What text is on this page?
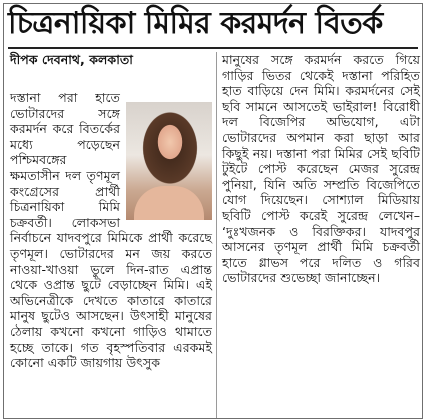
চিত্রনায়িকা মিমির করমর্দন বিতর্ক
দীপক দেবনাথ, কলকাতা

দস্তানা পরা হাতে ভোটারদের সঙ্গে করমর্দন করে বিতর্কের মধ্যে পড়েছেন পশ্চিমবঙ্গের ক্ষমতাসীন দল তৃণমূল কংগ্রেসের প্রার্থী চিত্রনায়িকা মিমি চক্রবর্তী। লোকসভা নির্বাচনে যাদবপুরে মিমিকে প্রার্থী করেছে তৃণমূল। ভোটারদের মন জয় করতে নাওয়া-খাওয়া ভুলে দিন-রাত এপ্রান্ত থেকে ওপ্রান্ত ছুটে বেড়াচ্ছেন মিমি। এই অভিনেত্রীকে দেখতে কাতারে কাতারে মানুষ ছুটেও আসছেন। উৎসাহী মানুষের ঠেলায় কখনো কখনো গাড়িও থামাতে হচ্ছে তাকে। গত বৃহস্পতিবার এরকমই কোনো একটি জায়গায় উৎসুক

মানুষের সঙ্গে করমর্দন করতে গিয়ে গাড়ির ভিতর থেকেই দস্তানা পরিহিত হাত বাড়িয়ে দেন মিমি। করমর্দনের সেই ছবি সামনে আসতেই ভাইরাল! বিরোধী দল বিজেপির অভিযোগ, এটা ভোটারদের অপমান করা ছাড়া আর কিছুই নয়। দস্তানা পরা মিমির সেই ছবিটি টুইটে পোস্ট করেছেন মেজর সুরেন্দ্র পুনিয়া, যিনি অতি সম্প্রতি বিজেপিতে যোগ দিয়েছেন। সোশ্যাল মিডিয়ায় ছবিটি পোস্ট করেই সুরেন্দ্র লেখেন– ‘দুঃখজনক ও বিরক্তিকর। যাদবপুর আসনের তৃণমূল প্রার্থী মিমি চক্রবর্তী হাতে গ্লাভস পরে দলিত ও গরিব ভোটারদের শুভেচ্ছা জানাচ্ছেন।
